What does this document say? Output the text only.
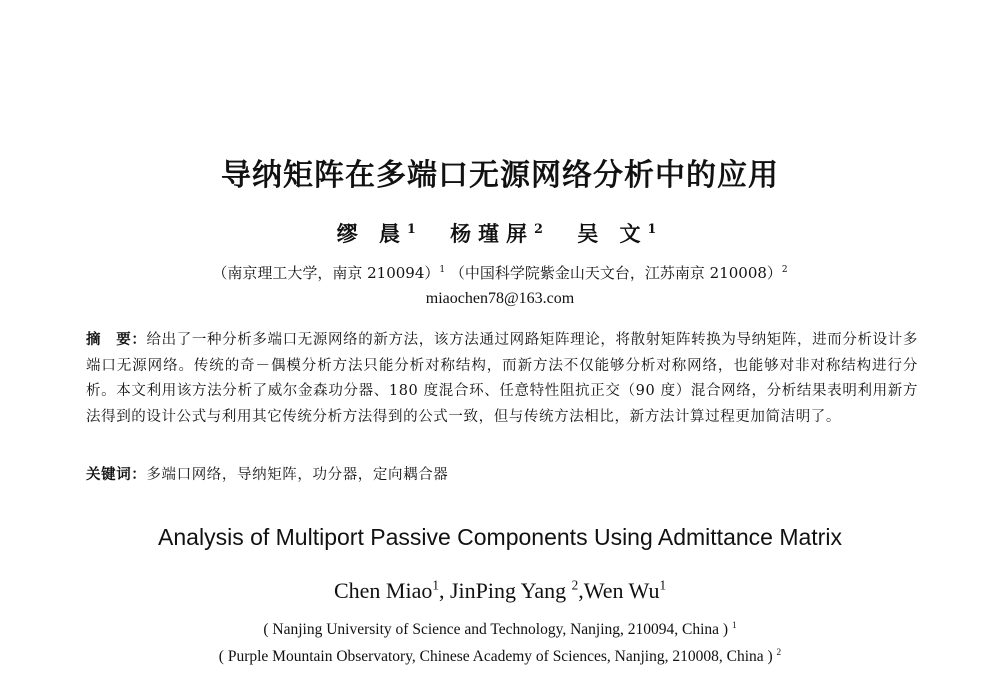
导纳矩阵在多端口无源网络分析中的应用
缪 晨$^1$ 杨瑾屏$^2$ 吴 文$^1$
（南京理工大学，南京 210094）$^1$ （中国科学院紫金山天文台，江苏南京 210008）$^2$
miaochen78@163.com
摘　要：给出了一种分析多端口无源网络的新方法，该方法通过网路矩阵理论，将散射矩阵转换为导纳矩阵，进而分析设计多端口无源网络。传统的奇－偶模分析方法只能分析对称结构，而新方法不仅能够分析对称网络，也能够对非对称结构进行分析。本文利用该方法分析了威尔金森功分器、180 度混合环、任意特性阻抗正交（90 度）混合网络，分析结果表明利用新方法得到的设计公式与利用其它传统分析方法得到的公式一致，但与传统方法相比，新方法计算过程更加简洁明了。
关键词：多端口网络，导纳矩阵，功分器，定向耦合器
Analysis of Multiport Passive Components Using Admittance Matrix
Chen Miao$^1$, JinPing Yang $^2$,Wen Wu$^1$
( Nanjing University of Science and Technology, Nanjing, 210094, China ) $^1$
( Purple Mountain Observatory, Chinese Academy of Sciences, Nanjing, 210008, China ) $^2$
